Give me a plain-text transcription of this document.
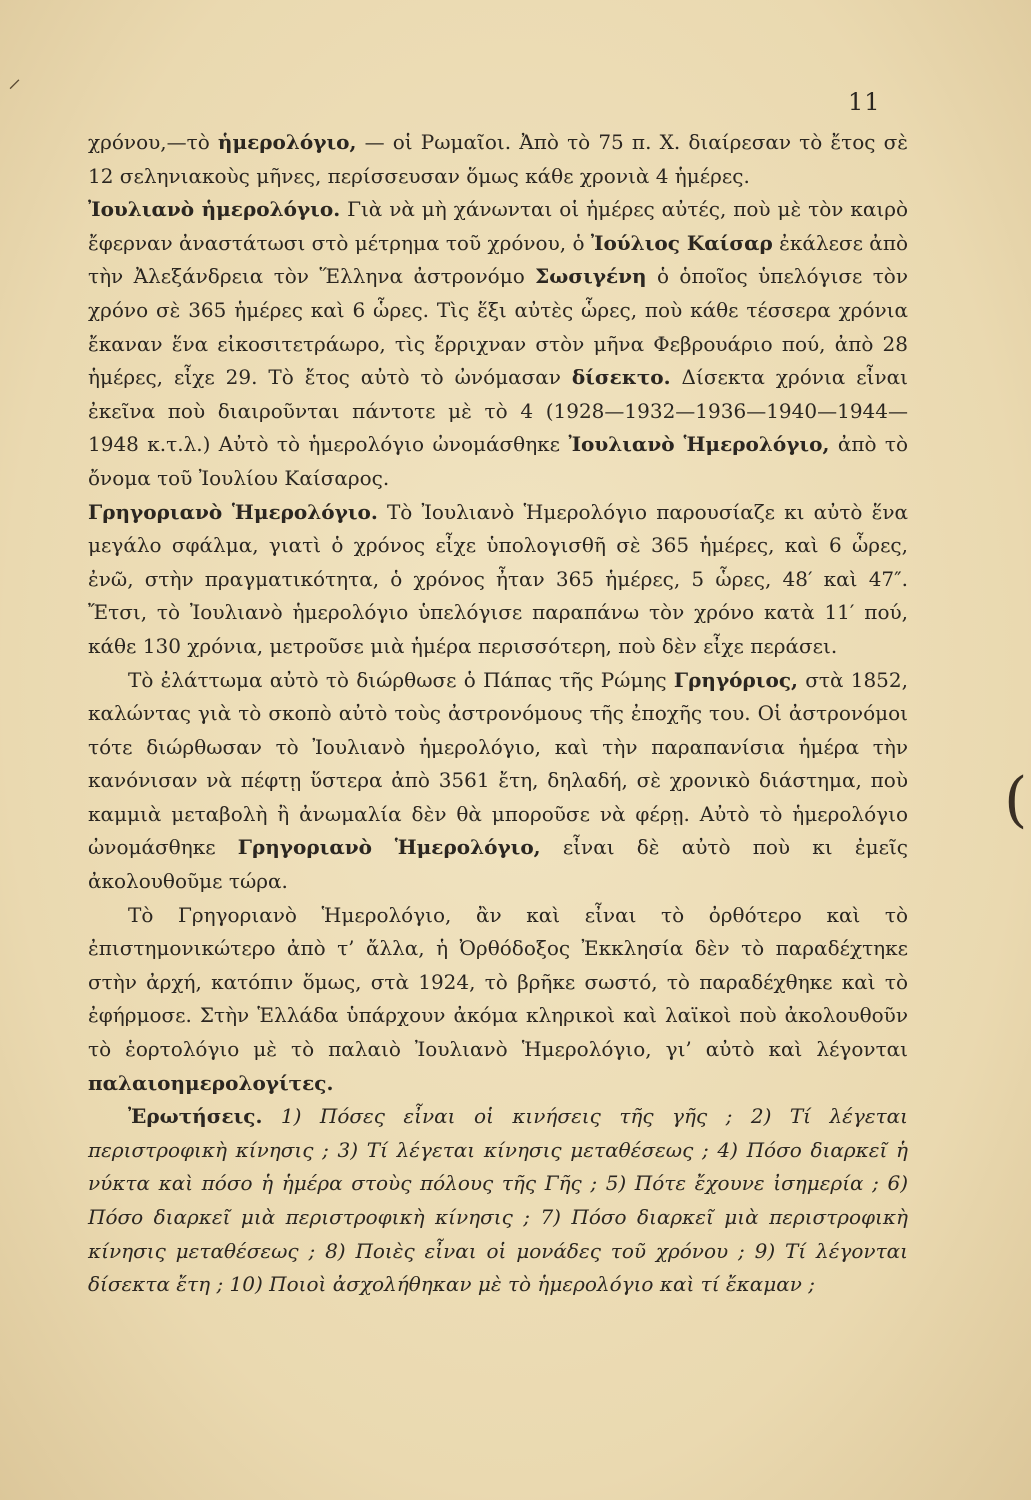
11
⸝
(

χρόνου,—τὸ ἡμερολόγιο, — οἱ Ρωμαῖοι. Ἀπὸ τὸ 75 π. Χ. διαίρεσαν τὸ ἔτος σὲ 12 σεληνιακοὺς μῆνες, περίσσευσαν ὅμως κάθε χρονιὰ 4 ἡμέρες.

Ἰουλιανὸ ἡμερολόγιο. Γιὰ νὰ μὴ χάνωνται οἱ ἡμέρες αὐτές, ποὺ μὲ τὸν καιρὸ ἔφερναν ἀναστάτωσι στὸ μέτρημα τοῦ χρόνου, ὁ Ἰούλιος Καίσαρ ἐκάλεσε ἀπὸ τὴν Ἀλεξάνδρεια τὸν Ἕλληνα ἀστρονόμο Σωσιγένη ὁ ὁποῖος ὑπελόγισε τὸν χρόνο σὲ 365 ἡμέρες καὶ 6 ὧρες. Τὶς ἕξι αὐτὲς ὧρες, ποὺ κάθε τέσσερα χρόνια ἔκαναν ἕνα εἰκοσιτετράωρο, τὶς ἔρριχναν στὸν μῆνα Φεβρουάριο πού, ἀπὸ 28 ἡμέρες, εἶχε 29. Τὸ ἔτος αὐτὸ τὸ ὠνόμασαν δίσεκτο. Δίσεκτα χρόνια εἶναι ἐκεῖνα ποὺ διαιροῦνται πάντοτε μὲ τὸ 4 (1928—1932—1936—1940—1944—1948 κ.τ.λ.) Αὐτὸ τὸ ἡμερολόγιο ὠνομάσθηκε Ἰουλιανὸ Ἡμερολόγιο, ἀπὸ τὸ ὄνομα τοῦ Ἰουλίου Καίσαρος.

Γρηγοριανὸ Ἡμερολόγιο. Τὸ Ἰουλιανὸ Ἡμερολόγιο παρουσίαζε κι αὐτὸ ἕνα μεγάλο σφάλμα, γιατὶ ὁ χρόνος εἶχε ὑπολογισθῆ σὲ 365 ἡμέρες, καὶ 6 ὧρες, ἐνῶ, στὴν πραγματικότητα, ὁ χρόνος ἦταν 365 ἡμέρες, 5 ὧρες, 48′ καὶ 47″. Ἔτσι, τὸ Ἰουλιανὸ ἡμερολόγιο ὑπελόγισε παραπάνω τὸν χρόνο κατὰ 11′ πού, κάθε 130 χρόνια, μετροῦσε μιὰ ἡμέρα περισσότερη, ποὺ δὲν εἶχε περάσει.

Τὸ ἐλάττωμα αὐτὸ τὸ διώρθωσε ὁ Πάπας τῆς Ρώμης Γρηγόριος, στὰ 1852, καλώντας γιὰ τὸ σκοπὸ αὐτὸ τοὺς ἀστρονόμους τῆς ἐποχῆς του. Οἱ ἀστρονόμοι τότε διώρθωσαν τὸ Ἰουλιανὸ ἡμερολόγιο, καὶ τὴν παραπανίσια ἡμέρα τὴν κανόνισαν νὰ πέφτῃ ὕστερα ἀπὸ 3561 ἔτη, δηλαδή, σὲ χρονικὸ διάστημα, ποὺ καμμιὰ μεταβολὴ ἢ ἀνωμαλία δὲν θὰ μποροῦσε νὰ φέρῃ. Αὐτὸ τὸ ἡμερολόγιο ὠνομάσθηκε Γρηγοριανὸ Ἡμερολόγιο, εἶναι δὲ αὐτὸ ποὺ κι ἐμεῖς ἀκολουθοῦμε τώρα.

Τὸ Γρηγοριανὸ Ἡμερολόγιο, ἂν καὶ εἶναι τὸ ὀρθότερο καὶ τὸ ἐπιστημονικώτερο ἀπὸ τ’ ἄλλα, ἡ Ὀρθόδοξος Ἐκκλησία δὲν τὸ παραδέχτηκε στὴν ἀρχή, κατόπιν ὅμως, στὰ 1924, τὸ βρῆκε σωστό, τὸ παραδέχθηκε καὶ τὸ ἐφήρμοσε. Στὴν Ἑλλάδα ὑπάρχουν ἀκόμα κληρικοὶ καὶ λαϊκοὶ ποὺ ἀκολουθοῦν τὸ ἑορτολόγιο μὲ τὸ παλαιὸ Ἰουλιανὸ Ἡμερολόγιο, γι’ αὐτὸ καὶ λέγονται παλαιοημερολογίτες.

Ἐρωτήσεις. 1) Πόσες εἶναι οἱ κινήσεις τῆς γῆς ; 2) Τί λέγεται περιστροφικὴ κίνησις ; 3) Τί λέγεται κίνησις μεταθέσεως ; 4) Πόσο διαρκεῖ ἡ νύκτα καὶ πόσο ἡ ἡμέρα στοὺς πόλους τῆς Γῆς ; 5) Πότε ἔχουνε ἰσημερία ; 6) Πόσο διαρκεῖ μιὰ περιστροφικὴ κίνησις ; 7) Πόσο διαρκεῖ μιὰ περιστροφικὴ κίνησις μεταθέσεως ; 8) Ποιὲς εἶναι οἱ μονάδες τοῦ χρόνου ; 9) Τί λέγονται δίσεκτα ἔτη ; 10) Ποιοὶ ἀσχολήθηκαν μὲ τὸ ἡμερολόγιο καὶ τί ἔκαμαν ;
